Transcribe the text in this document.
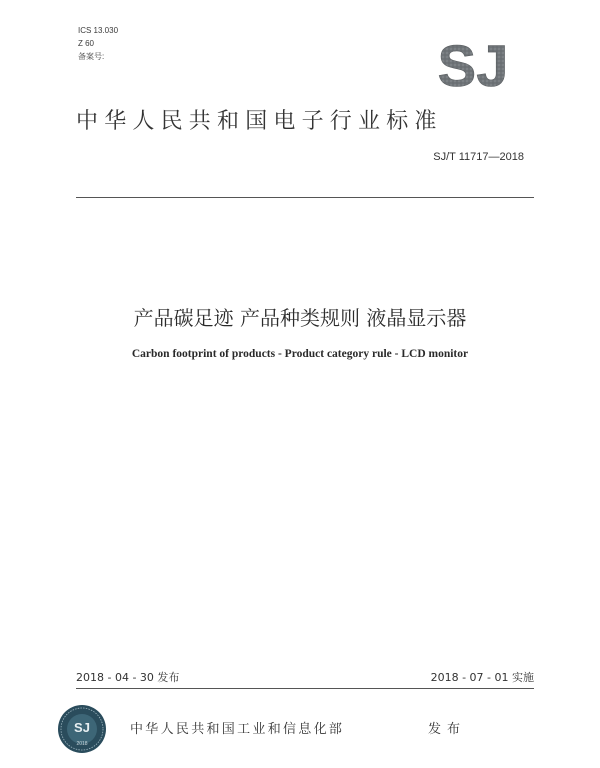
ICS 13.030
Z 60
备案号:	SJ
中华人民共和国电子行业标准
SJ/T 11717—2018
产品碳足迹 产品种类规则 液晶显示器
Carbon footprint of products - Product category rule - LCD monitor
2018 - 04 - 30 发布	2018 - 07 - 01 实施
SJ
2018
中华人民共和国工业和信息化部	发布
